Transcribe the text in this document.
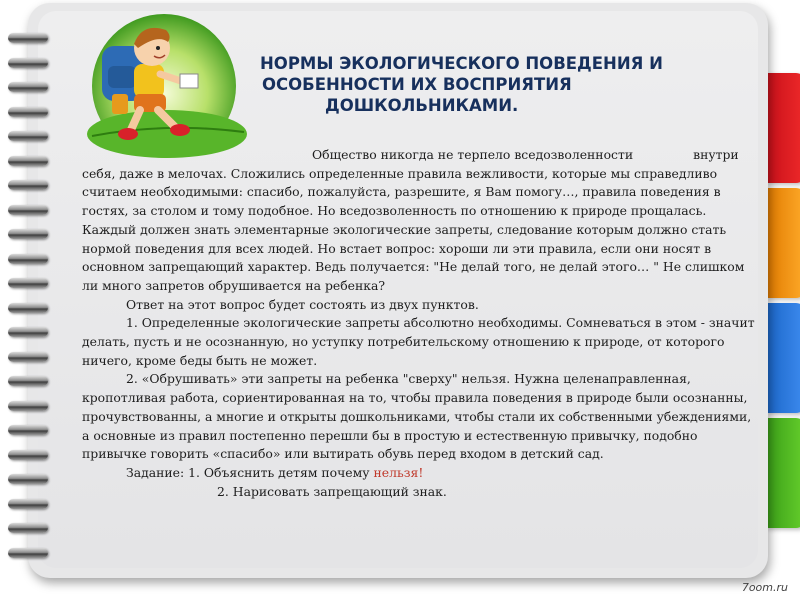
НОРМЫ ЭКОЛОГИЧЕСКОГО ПОВЕДЕНИЯ И
ОСОБЕННОСТИ ИХ ВОСПРИЯТИЯ
ДОШКОЛЬНИКАМИ.

Общество никогда не терпело вседозволенности	внутри себя, даже в мелочах. Сложились определенные правила вежливости, которые мы справедливо считаем необходимыми: спасибо, пожалуйста, разрешите, я Вам помогу…, правила поведения в гостях, за столом и тому подобное. Но вседозволенность по отношению к природе прощалась. Каждый должен знать элементарные экологические запреты, следование которым должно стать нормой поведения для всех людей. Но встает вопрос: хороши ли эти правила, если они носят в основном запрещающий характер. Ведь получается: "Не делай того, не делай этого… " Не слишком ли много запретов обрушивается на ребенка?

Ответ на этот вопрос будет состоять из двух пунктов.

1. Определенные экологические запреты абсолютно необходимы. Сомневаться в этом - значит делать, пусть и не осознанную, но уступку потребительскому отношению к природе, от которого ничего, кроме беды быть не может.

2. «Обрушивать» эти запреты на ребенка "сверху" нельзя. Нужна целенаправленная, кропотливая работа, сориентированная на то, чтобы правила поведения в природе были осознанны, прочувствованны, а многие и открыты дошкольниками, чтобы стали их собственными убеждениями, а основные из правил постепенно перешли бы в простую и естественную привычку, подобно привычке говорить «спасибо» или вытирать обувь перед входом в детский сад.

Задание: 1. Объяснить детям почему нельзя!

2. Нарисовать запрещающий знак.

7oom.ru
